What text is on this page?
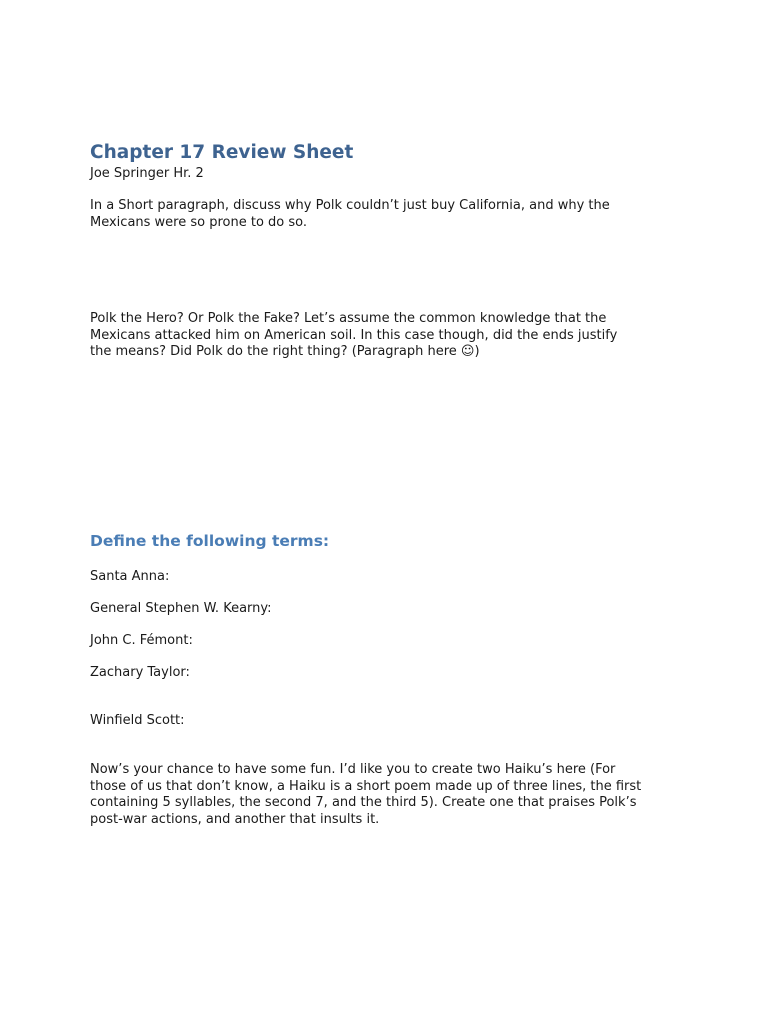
Chapter 17 Review Sheet

Joe Springer Hr. 2

In a Short paragraph, discuss why Polk couldn’t just buy California, and why the
Mexicans were so prone to do so.

Polk the Hero? Or Polk the Fake? Let’s assume the common knowledge that the
Mexicans attacked him on American soil. In this case though, did the ends justify
the means? Did Polk do the right thing? (Paragraph here ☺)

Define the following terms:

Santa Anna:

General Stephen W. Kearny:

John C. Fémont:

Zachary Taylor:

Winfield Scott:

Now’s your chance to have some fun. I’d like you to create two Haiku’s here (For
those of us that don’t know, a Haiku is a short poem made up of three lines, the first
containing 5 syllables, the second 7, and the third 5). Create one that praises Polk’s
post-war actions, and another that insults it.
